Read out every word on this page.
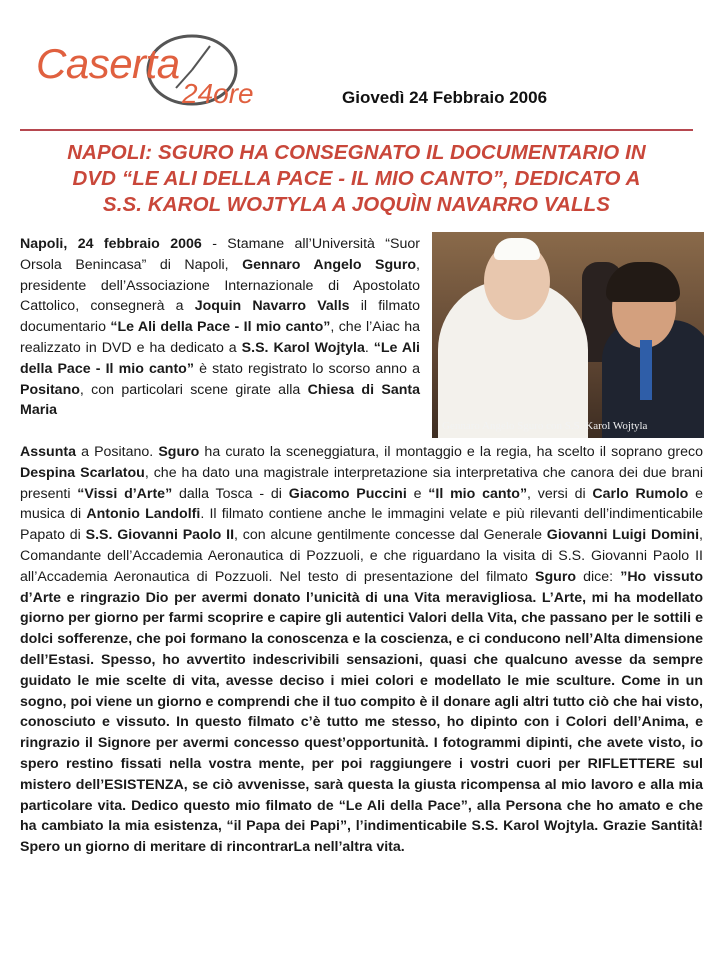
Caserta
24ore	Giovedì 24 Febbraio 2006
NAPOLI: SGURO HA CONSEGNATO IL DOCUMENTARIO IN
DVD “LE ALI DELLA PACE - IL MIO CANTO”, DEDICATO A
S.S. KAROL WOJTYLA A JOQUÌN NAVARRO VALLS
Gennaro Angelo Sguro con S.S. Karol Wojtyla
Napoli, 24 febbraio 2006 - Stamane all’Università “Suor Orsola Benincasa” di Napoli, Gennaro Angelo Sguro, presidente dell’Associazione Internazionale di Apostolato Cattolico, consegnerà a Joquin Navarro Valls il filmato documentario “Le Ali della Pace - Il mio canto”, che l’Aiac ha realizzato in DVD e ha dedicato a S.S. Karol Wojtyla. “Le Ali della Pace - Il mio canto” è stato registrato lo scorso anno a Positano, con particolari scene girate alla Chiesa di Santa Maria
Assunta a Positano. Sguro ha curato la sceneggiatura, il montaggio e la regia, ha scelto il soprano greco Despina Scarlatou, che ha dato una magistrale interpretazione sia interpretativa che canora dei due brani presenti “Vissi d’Arte” dalla Tosca - di Giacomo Puccini e “Il mio canto”, versi di Carlo Rumolo e musica di Antonio Landolfi. Il filmato contiene anche le immagini velate e più rilevanti dell’indimenticabile Papato di S.S. Giovanni Paolo II, con alcune gentilmente concesse dal Generale Giovanni Luigi Domini, Comandante dell’Accademia Aeronautica di Pozzuoli, e che riguardano la visita di S.S. Giovanni Paolo II all’Accademia Aeronautica di Pozzuoli. Nel testo di presentazione del filmato Sguro dice: ”Ho vissuto d’Arte e ringrazio Dio per avermi donato l’unicità di una Vita meravigliosa. L’Arte, mi ha modellato giorno per giorno per farmi scoprire e capire gli autentici Valori della Vita, che passano per le sottili e dolci sofferenze, che poi formano la conoscenza e la coscienza, e ci conducono nell’Alta dimensione dell’Estasi. Spesso, ho avvertito indescrivibili sensazioni, quasi che qualcuno avesse da sempre guidato le mie scelte di vita, avesse deciso i miei colori e modellato le mie sculture. Come in un sogno, poi viene un giorno e comprendi che il tuo compito è il donare agli altri tutto ciò che hai visto, conosciuto e vissuto. In questo filmato c’è tutto me stesso, ho dipinto con i Colori dell’Anima, e ringrazio il Signore per avermi concesso quest’opportunità. I fotogrammi dipinti, che avete visto, io spero restino fissati nella vostra mente, per poi raggiungere i vostri cuori per RIFLETTERE sul mistero dell’ESISTENZA, se ciò avvenisse, sarà questa la giusta ricompensa al mio lavoro e alla mia particolare vita. Dedico questo mio filmato de “Le Ali della Pace”, alla Persona che ho amato e che ha cambiato la mia esistenza, “il Papa dei Papi”, l’indimenticabile S.S. Karol Wojtyla. Grazie Santità! Spero un giorno di meritare di rincontrarLa nell’altra vita.
